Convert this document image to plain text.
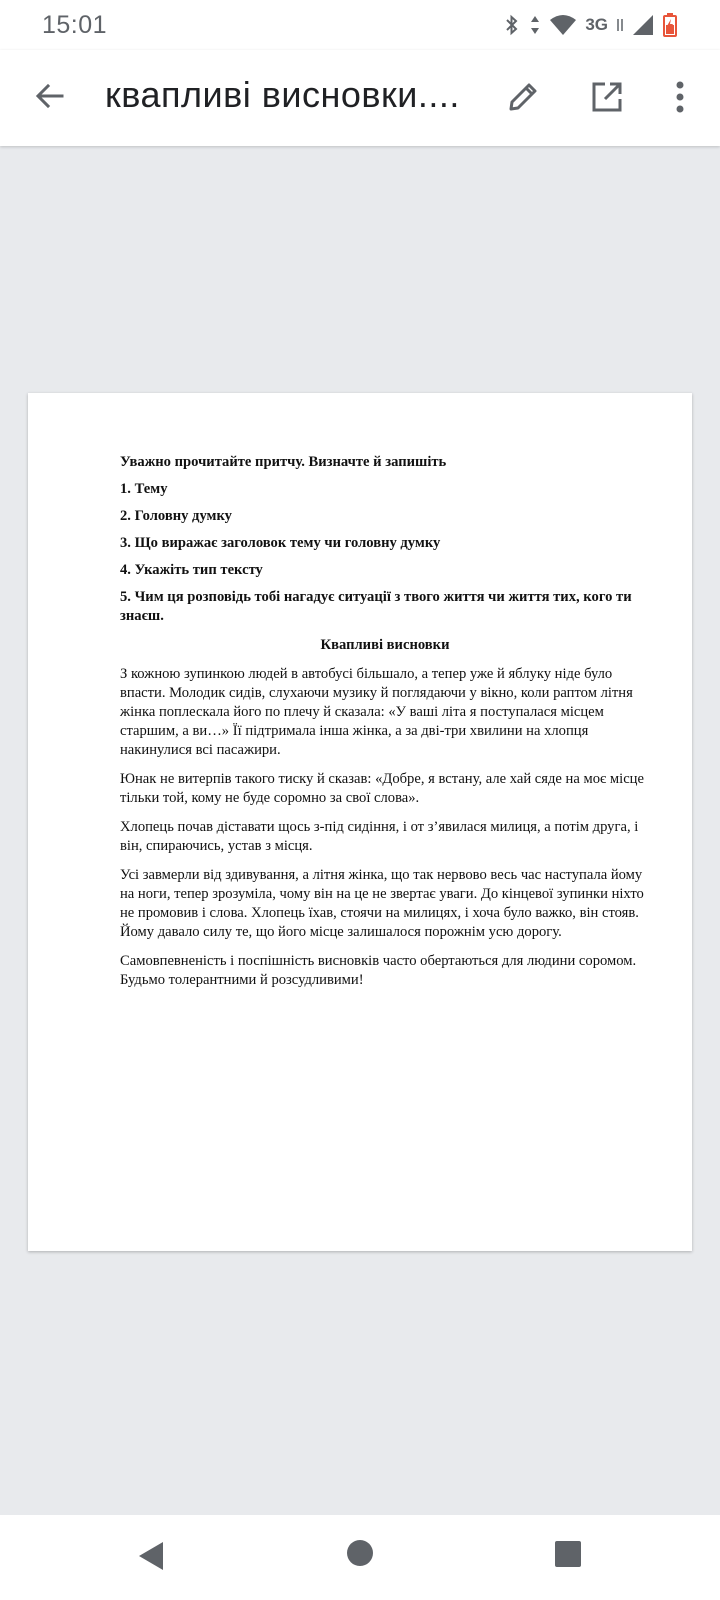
15:01	3G
квапливі висновки....

Уважно прочитайте притчу. Визначте й запишіть

1. Тему

2. Головну думку

3. Що виражає заголовок тему чи головну думку

4. Укажіть тип тексту

5. Чим ця розповідь тобі нагадує ситуації з твого життя чи життя тих, кого ти знаєш.

Квапливі висновки

З кожною зупинкою людей в автобусі більшало, а тепер уже й яблуку ніде було впасти. Молодик сидів, слухаючи музику й поглядаючи у вікно, коли раптом літня жінка поплескала його по плечу й сказала: «У ваші літа я поступалася місцем старшим, а ви…» Її підтримала інша жінка, а за дві-три хвилини на хлопця накинулися всі пасажири.

Юнак не витерпів такого тиску й сказав: «Добре, я встану, але хай сяде на моє місце тільки той, кому не буде соромно за свої слова».

Хлопець почав діставати щось з-під сидіння, і от з’явилася милиця, а потім друга, і він, спираючись, устав з місця.

Усі завмерли від здивування, а літня жінка, що так нервово весь час наступала йому на ноги, тепер зрозуміла, чому він на це не звертає уваги. До кінцевої зупинки ніхто не промовив і слова. Хлопець їхав, стоячи на милицях, і хоча було важко, він стояв. Йому давало силу те, що його місце залишалося порожнім усю дорогу.

Самовпевненість і поспішність висновків часто обертаються для людини соромом. Будьмо толерантними й розсудливими!
